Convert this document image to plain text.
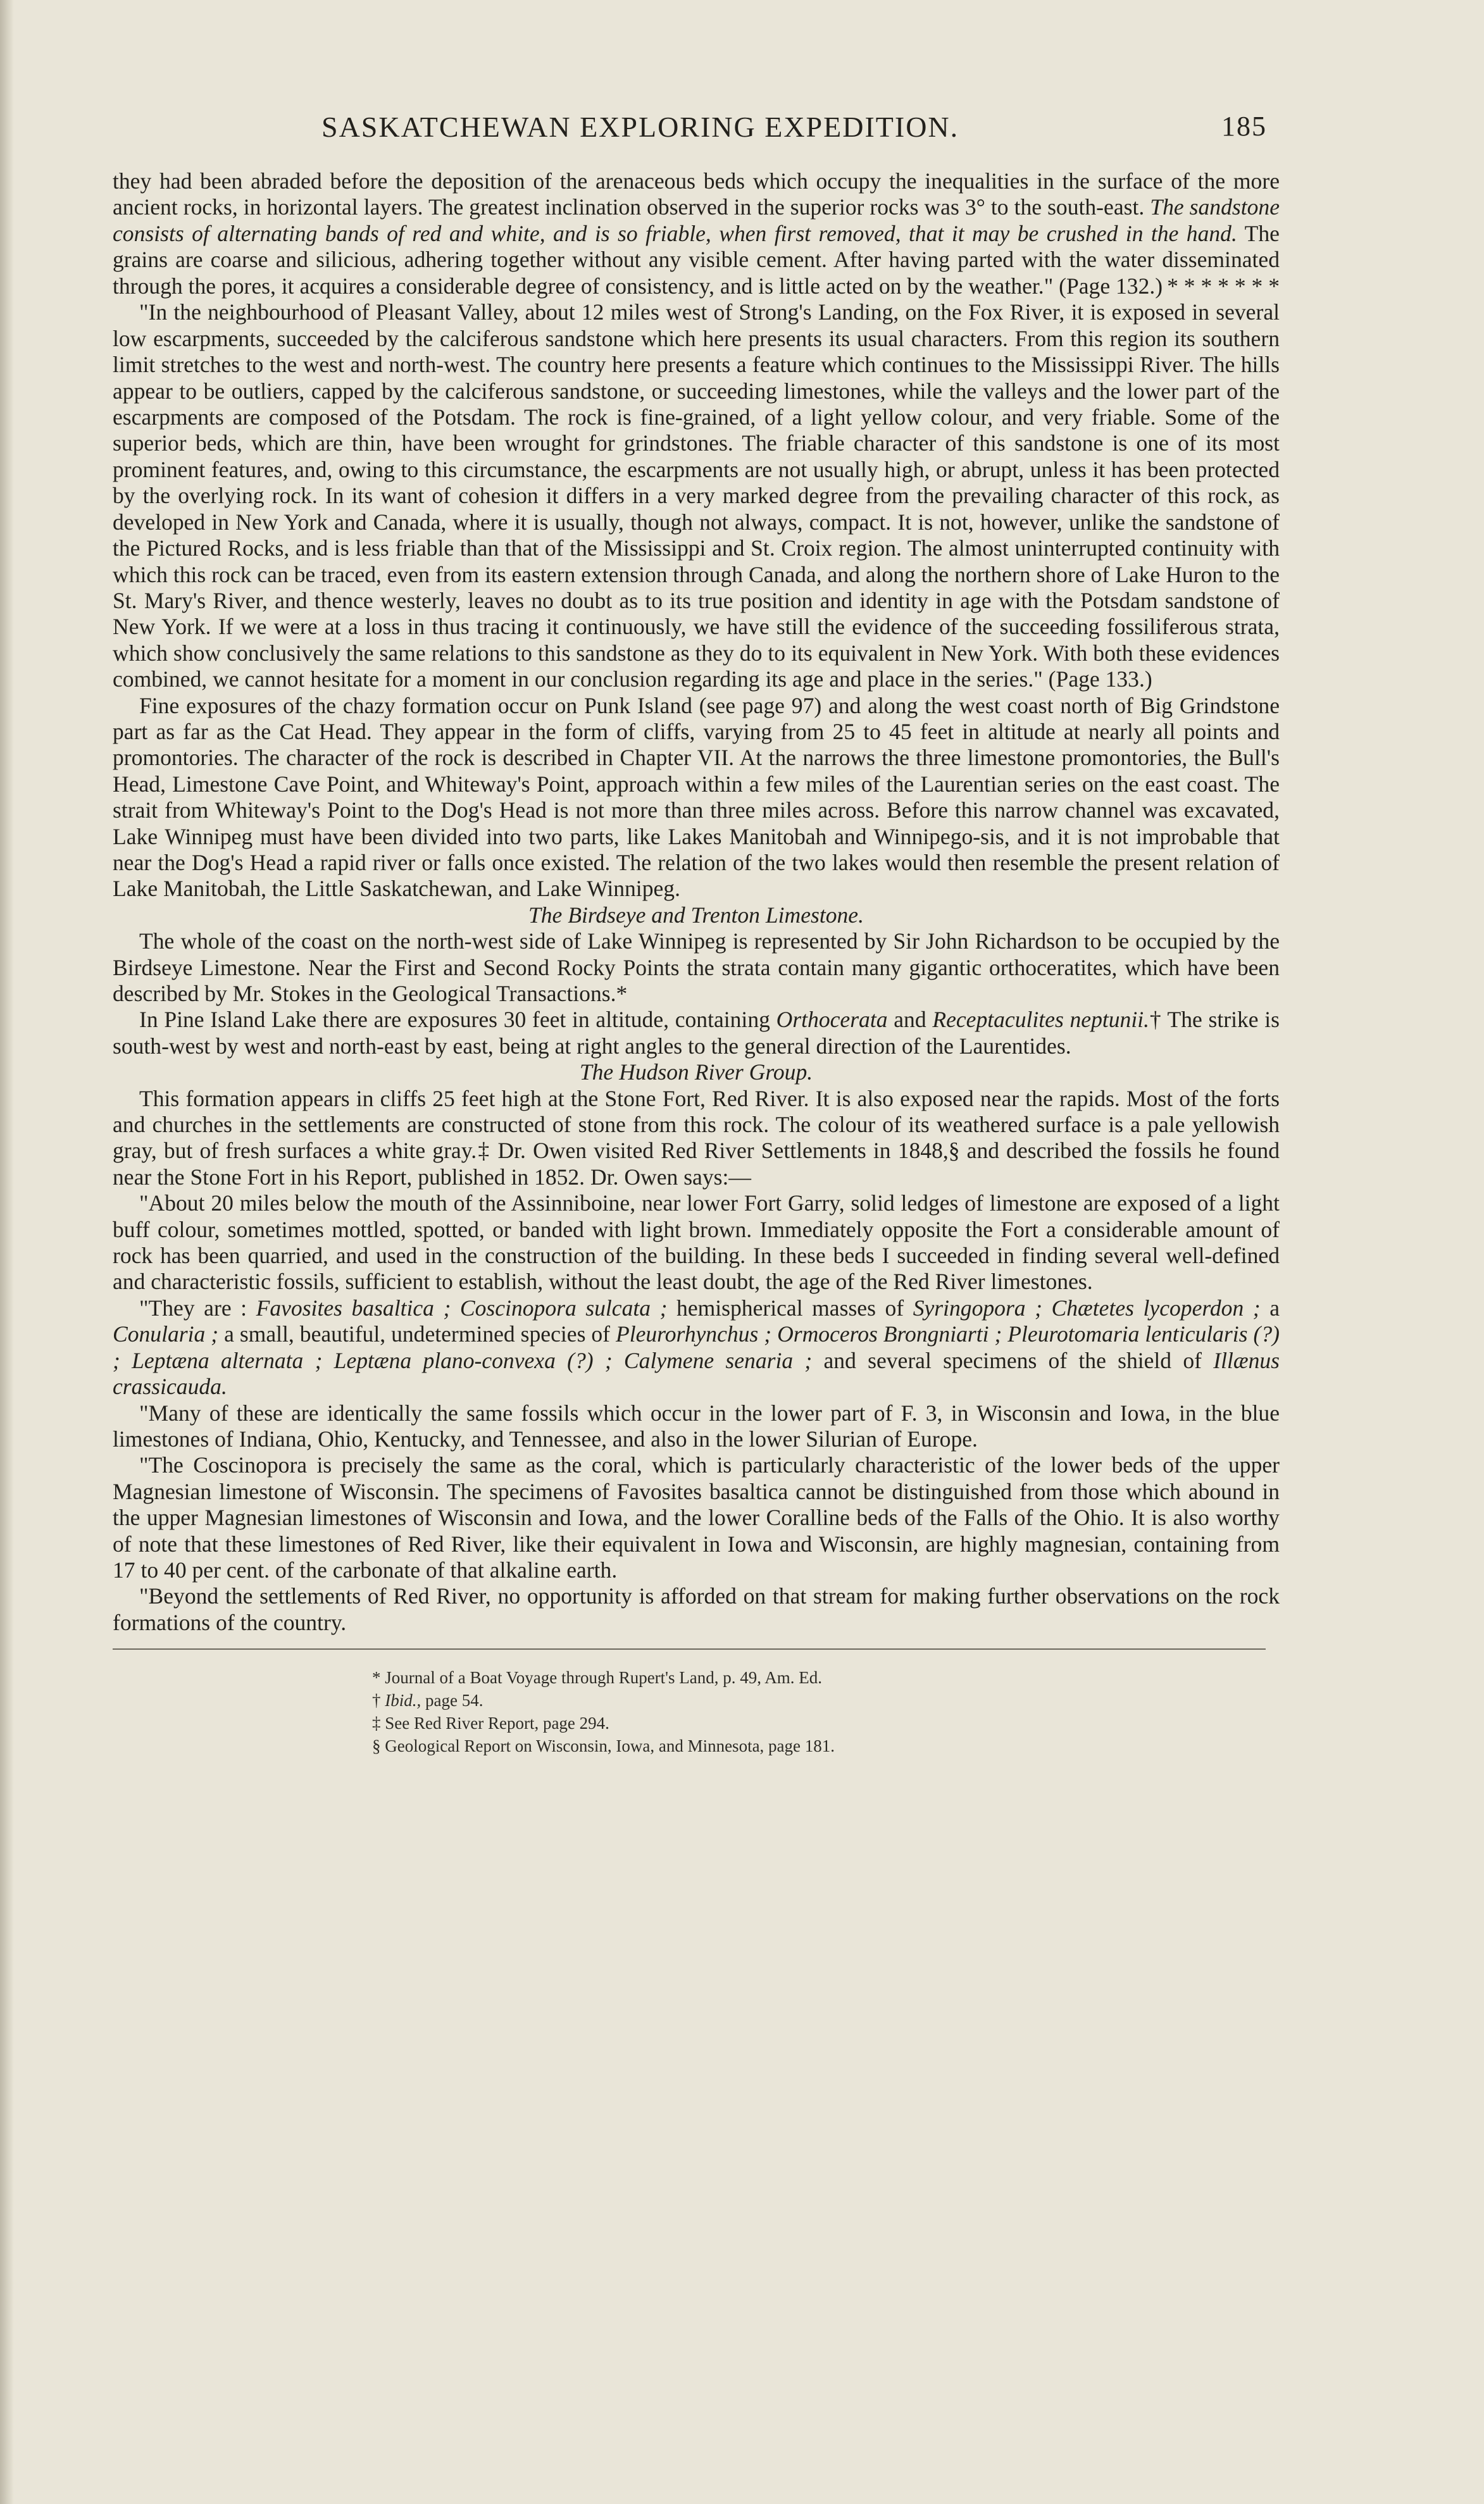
SASKATCHEWAN EXPLORING EXPEDITION.	185

they had been abraded before the deposition of the arenaceous beds which occupy the inequalities in the surface of the more ancient rocks, in horizontal layers. The greatest inclination observed in the superior rocks was 3° to the south-east. The sandstone consists of alternating bands of red and white, and is so friable, when first removed, that it may be crushed in the hand. The grains are coarse and silicious, adhering together without any visible cement. After having parted with the water disseminated through the pores, it acquires a considerable degree of consistency, and is little acted on by the weather." (Page 132.) * * * * * * *

"In the neighbourhood of Pleasant Valley, about 12 miles west of Strong's Landing, on the Fox River, it is exposed in several low escarpments, succeeded by the calciferous sandstone which here presents its usual characters. From this region its southern limit stretches to the west and north-west. The country here presents a feature which continues to the Mississippi River. The hills appear to be outliers, capped by the calciferous sandstone, or succeeding limestones, while the valleys and the lower part of the escarpments are composed of the Potsdam. The rock is fine-grained, of a light yellow colour, and very friable. Some of the superior beds, which are thin, have been wrought for grindstones. The friable character of this sandstone is one of its most prominent features, and, owing to this circumstance, the escarpments are not usually high, or abrupt, unless it has been protected by the overlying rock. In its want of cohesion it differs in a very marked degree from the prevailing character of this rock, as developed in New York and Canada, where it is usually, though not always, compact. It is not, however, unlike the sandstone of the Pictured Rocks, and is less friable than that of the Mississippi and St. Croix region. The almost uninterrupted continuity with which this rock can be traced, even from its eastern extension through Canada, and along the northern shore of Lake Huron to the St. Mary's River, and thence westerly, leaves no doubt as to its true position and identity in age with the Potsdam sandstone of New York. If we were at a loss in thus tracing it continuously, we have still the evidence of the succeeding fossiliferous strata, which show conclusively the same relations to this sandstone as they do to its equivalent in New York. With both these evidences combined, we cannot hesitate for a moment in our conclusion regarding its age and place in the series." (Page 133.)

Fine exposures of the chazy formation occur on Punk Island (see page 97) and along the west coast north of Big Grindstone part as far as the Cat Head. They appear in the form of cliffs, varying from 25 to 45 feet in altitude at nearly all points and promontories. The character of the rock is described in Chapter VII. At the narrows the three limestone promontories, the Bull's Head, Limestone Cave Point, and Whiteway's Point, approach within a few miles of the Laurentian series on the east coast. The strait from Whiteway's Point to the Dog's Head is not more than three miles across. Before this narrow channel was excavated, Lake Winnipeg must have been divided into two parts, like Lakes Manitobah and Winnipego-sis, and it is not improbable that near the Dog's Head a rapid river or falls once existed. The relation of the two lakes would then resemble the present relation of Lake Manitobah, the Little Saskatchewan, and Lake Winnipeg.

The Birdseye and Trenton Limestone.

The whole of the coast on the north-west side of Lake Winnipeg is represented by Sir John Richardson to be occupied by the Birdseye Limestone. Near the First and Second Rocky Points the strata contain many gigantic orthoceratites, which have been described by Mr. Stokes in the Geological Transactions.*

In Pine Island Lake there are exposures 30 feet in altitude, containing Orthocerata and Receptaculites neptunii.† The strike is south-west by west and north-east by east, being at right angles to the general direction of the Laurentides.

The Hudson River Group.

This formation appears in cliffs 25 feet high at the Stone Fort, Red River. It is also exposed near the rapids. Most of the forts and churches in the settlements are constructed of stone from this rock. The colour of its weathered surface is a pale yellowish gray, but of fresh surfaces a white gray.‡ Dr. Owen visited Red River Settlements in 1848,§ and described the fossils he found near the Stone Fort in his Report, published in 1852. Dr. Owen says:—

"About 20 miles below the mouth of the Assinniboine, near lower Fort Garry, solid ledges of limestone are exposed of a light buff colour, sometimes mottled, spotted, or banded with light brown. Immediately opposite the Fort a considerable amount of rock has been quarried, and used in the construction of the building. In these beds I succeeded in finding several well-defined and characteristic fossils, sufficient to establish, without the least doubt, the age of the Red River limestones.

"They are : Favosites basaltica ; Coscinopora sulcata ; hemispherical masses of Syringopora ; Chætetes lycoperdon ; a Conularia ; a small, beautiful, undetermined species of Pleurorhynchus ; Ormoceros Brongniarti ; Pleurotomaria lenticularis (?) ; Leptæna alternata ; Leptæna plano-convexa (?) ; Calymene senaria ; and several specimens of the shield of Illænus crassicauda.

"Many of these are identically the same fossils which occur in the lower part of F. 3, in Wisconsin and Iowa, in the blue limestones of Indiana, Ohio, Kentucky, and Tennessee, and also in the lower Silurian of Europe.

"The Coscinopora is precisely the same as the coral, which is particularly characteristic of the lower beds of the upper Magnesian limestone of Wisconsin. The specimens of Favosites basaltica cannot be distinguished from those which abound in the upper Magnesian limestones of Wisconsin and Iowa, and the lower Coralline beds of the Falls of the Ohio. It is also worthy of note that these limestones of Red River, like their equivalent in Iowa and Wisconsin, are highly magnesian, containing from 17 to 40 per cent. of the carbonate of that alkaline earth.

"Beyond the settlements of Red River, no opportunity is afforded on that stream for making further observations on the rock formations of the country.

* Journal of a Boat Voyage through Rupert's Land, p. 49, Am. Ed.
† Ibid., page 54.
‡ See Red River Report, page 294.
§ Geological Report on Wisconsin, Iowa, and Minnesota, page 181.
